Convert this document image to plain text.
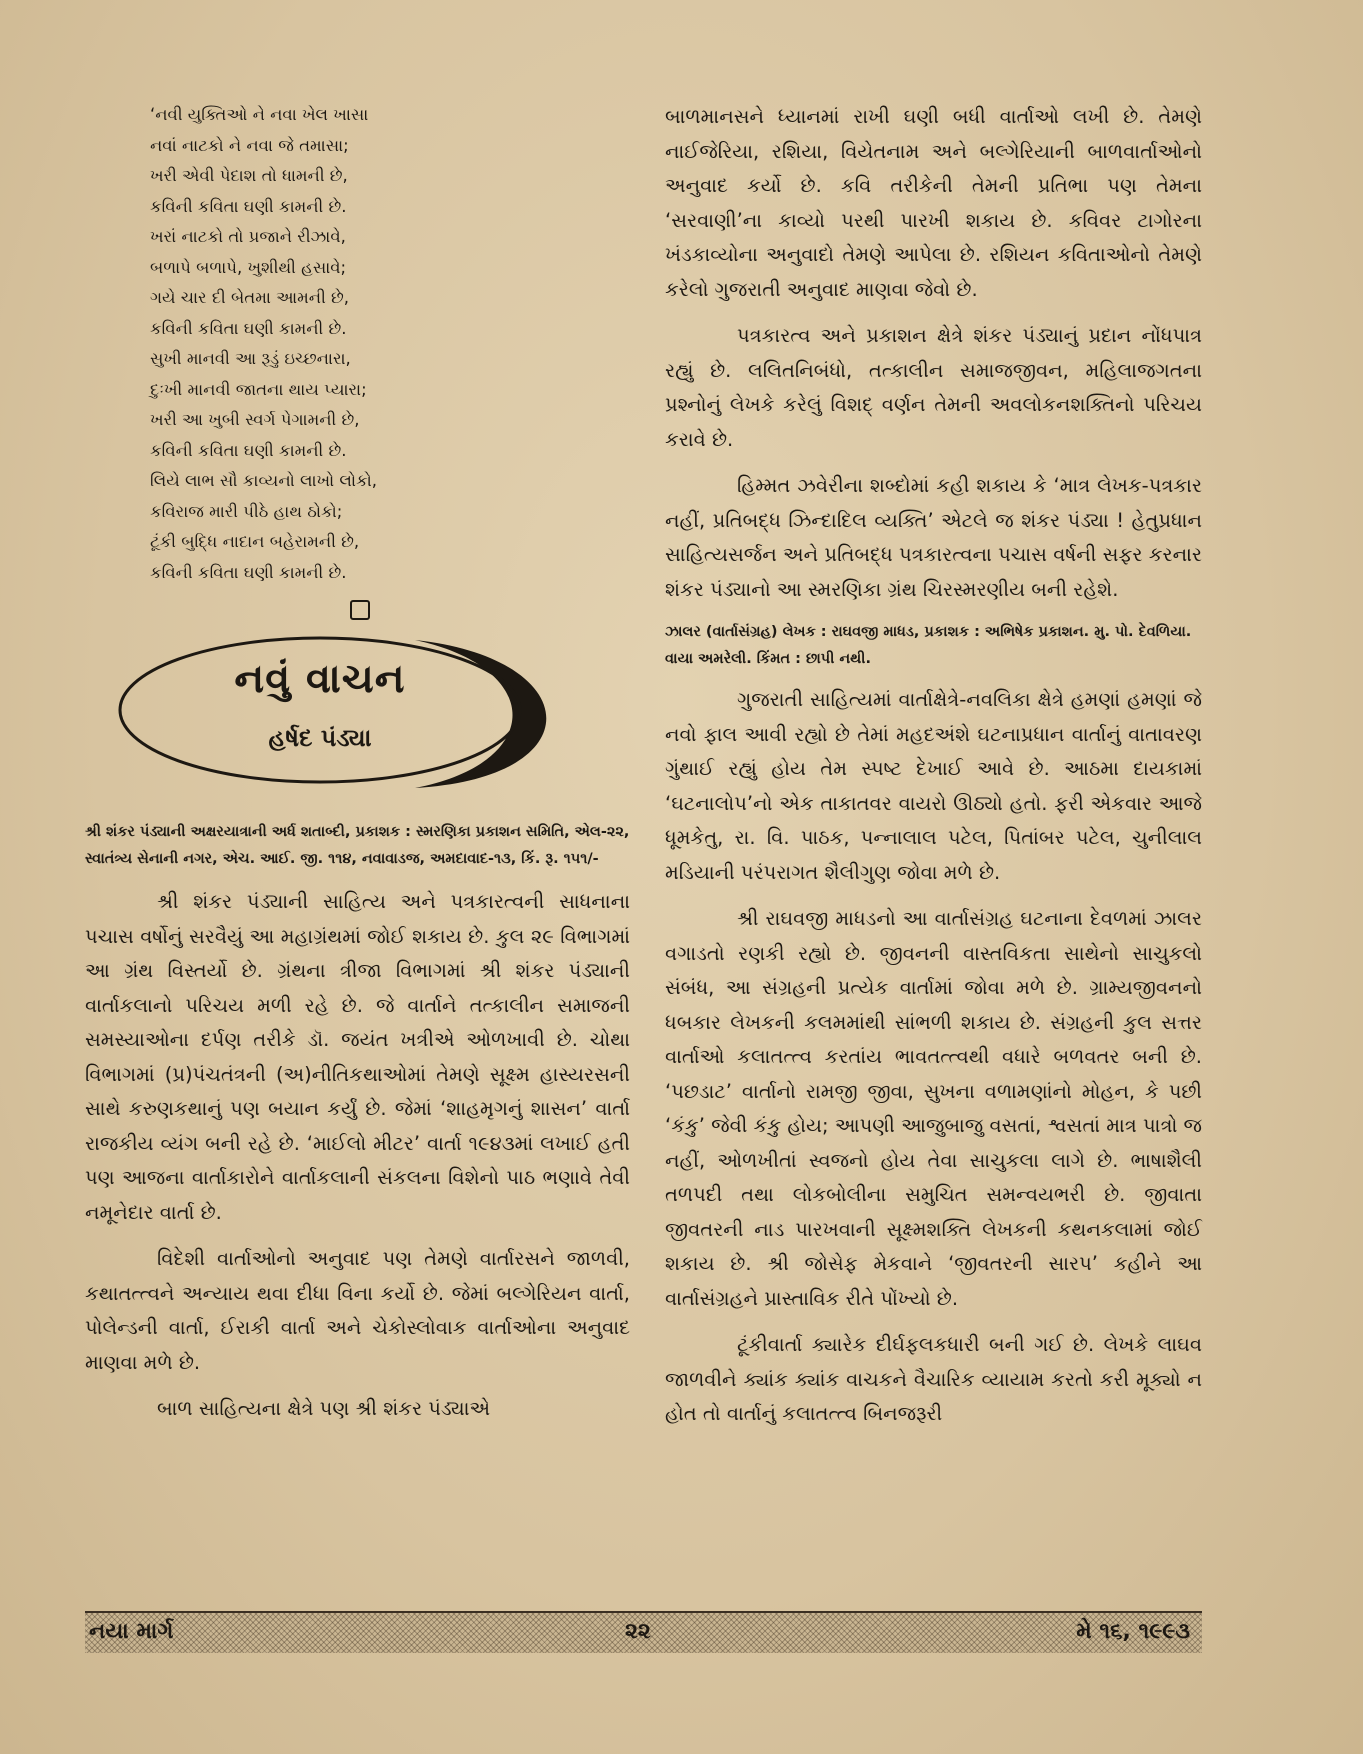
‘નવી યુક્તિઓ ને નવા ખેલ ખાસા
નવાં નાટકો ને નવા જે તમાસા;
ખરી એવી પેદાશ તો ધામની છે,
કવિની કવિતા ઘણી કામની છે.
ખરાં નાટકો તો પ્રજાને રીઝાવે,
બળાપે બળાપે, ખુશીથી હસાવે;
ગયે ચાર દી બેતમા આમની છે,
કવિની કવિતા ઘણી કામની છે.
સુખી માનવી આ રૂડું ઇચ્છનારા,
દુઃખી માનવી જાતના થાય પ્યારા;
ખરી આ ખુબી સ્વર્ગ પેગામની છે,
કવિની કવિતા ઘણી કામની છે.
લિયે લાભ સૌ કાવ્યનો લાખો લોકો,
કવિરાજ મારી પીઠે હાથ ઠોકો;
ટૂંકી બુદ્ધિ નાદાન બહેરામની છે,
કવિની કવિતા ઘણી કામની છે.
નવું વાચન
હર્ષદ પંડ્યા
શ્રી શંકર પંડ્યાની અક્ષરયાત્રાની અર્ધ શતાબ્દી, પ્રકાશક : સ્મરણિકા પ્રકાશન સમિતિ, એલ-૨૨, સ્વાતંત્ર્ય સેનાની નગર, એચ. આઈ. જી. ૧૧૪, નવાવાડજ, અમદાવાદ-૧૩, કિં. રૂ. ૧૫૧/-

શ્રી શંકર પંડ્યાની સાહિત્ય અને પત્રકારત્વની સાધનાના પચાસ વર્ષોનું સરવૈયું આ મહાગ્રંથમાં જોઈ શકાય છે. કુલ ૨૯ વિભાગમાં આ ગ્રંથ વિસ્તર્યો છે. ગ્રંથના ત્રીજા વિભાગમાં શ્રી શંકર પંડ્યાની વાર્તાકલાનો પરિચય મળી રહે છે. જે વાર્તાને તત્કાલીન સમાજની સમસ્યાઓના દર્પણ તરીકે ડૉ. જયંત ખત્રીએ ઓળખાવી છે. ચોથા વિભાગમાં (પ્ર)પંચતંત્રની (અ)નીતિકથાઓમાં તેમણે સૂક્ષ્મ હાસ્યરસની સાથે કરુણકથાનું પણ બયાન કર્યું છે. જેમાં ‘શાહમૃગનું શાસન’ વાર્તા રાજકીય વ્યંગ બની રહે છે. ‘માઈલો મીટર’ વાર્તા ૧૯૪૩માં લખાઈ હતી પણ આજના વાર્તાકારોને વાર્તાકલાની સંકલના વિશેનો પાઠ ભણાવે તેવી નમૂનેદાર વાર્તા છે.

વિદેશી વાર્તાઓનો અનુવાદ પણ તેમણે વાર્તારસને જાળવી, કથાતત્ત્વને અન્યાય થવા દીધા વિના કર્યો છે. જેમાં બલ્ગેરિયન વાર્તા, પોલેન્ડની વાર્તા, ઈરાકી વાર્તા અને ચેકોસ્લોવાક વાર્તાઓના અનુવાદ માણવા મળે છે.

બાળ સાહિત્યના ક્ષેત્રે પણ શ્રી શંકર પંડ્યાએ

બાળમાનસને ધ્યાનમાં રાખી ઘણી બધી વાર્તાઓ લખી છે. તેમણે નાઈજેરિયા, રશિયા, વિયેતનામ અને બલ્ગેરિયાની બાળવાર્તાઓનો અનુવાદ કર્યો છે. કવિ તરીકેની તેમની પ્રતિભા પણ તેમના ‘સરવાણી’ના કાવ્યો પરથી પારખી શકાય છે. કવિવર ટાગોરના ખંડકાવ્યોના અનુવાદો તેમણે આપેલા છે. રશિયન કવિતાઓનો તેમણે કરેલો ગુજરાતી અનુવાદ માણવા જેવો છે.

પત્રકારત્વ અને પ્રકાશન ક્ષેત્રે શંકર પંડ્યાનું પ્રદાન નોંધપાત્ર રહ્યું છે. લલિતનિબંધો, તત્કાલીન સમાજજીવન, મહિલાજગતના પ્રશ્નોનું લેખકે કરેલું વિશદ્ વર્ણન તેમની અવલોકનશક્તિનો પરિચય કરાવે છે.

હિમ્મત ઝવેરીના શબ્દોમાં કહી શકાય કે ‘માત્ર લેખક-પત્રકાર નહીં, પ્રતિબદ્ધ ઝિન્દાદિલ વ્યક્તિ’ એટલે જ શંકર પંડ્યા ! હેતુપ્રધાન સાહિત્યસર્જન અને પ્રતિબદ્ધ પત્રકારત્વના પચાસ વર્ષની સફર કરનાર શંકર પંડ્યાનો આ સ્મરણિકા ગ્રંથ ચિરસ્મરણીય બની રહેશે.

ઝાલર (વાર્તાસંગ્રહ) લેખક : રાઘવજી માધડ, પ્રકાશક : અભિષેક પ્રકાશન. મુ. પો. દેવળિયા. વાયા અમરેલી. કિંમત : છાપી નથી.

ગુજરાતી સાહિત્યમાં વાર્તાક્ષેત્રે-નવલિકા ક્ષેત્રે હમણાં હમણાં જે નવો ફાલ આવી રહ્યો છે તેમાં મહદઅંશે ઘટનાપ્રધાન વાર્તાનું વાતાવરણ ગુંથાઈ રહ્યું હોય તેમ સ્પષ્ટ દેખાઈ આવે છે. આઠમા દાયકામાં ‘ઘટનાલોપ’નો એક તાકાતવર વાયરો ઊઠ્યો હતો. ફરી એકવાર આજે ધૂમકેતુ, રા. વિ. પાઠક, પન્નાલાલ પટેલ, પિતાંબર પટેલ, ચુનીલાલ મડિયાની પરંપરાગત શૈલીગુણ જોવા મળે છે.

શ્રી રાઘવજી માધડનો આ વાર્તાસંગ્રહ ઘટનાના દેવળમાં ઝાલર વગાડતો રણકી રહ્યો છે. જીવનની વાસ્તવિકતા સાથેનો સાચુકલો સંબંધ, આ સંગ્રહની પ્રત્યેક વાર્તામાં જોવા મળે છે. ગ્રામ્યજીવનનો ધબકાર લેખકની કલમમાંથી સાંભળી શકાય છે. સંગ્રહની કુલ સત્તર વાર્તાઓ કલાતત્ત્વ કરતાંય ભાવતત્ત્વથી વધારે બળવતર બની છે. ‘પછડાટ’ વાર્તાનો રામજી જીવા, સુખના વળામણાંનો મોહન, કે પછી ‘કંકુ’ જેવી કંકુ હોય; આપણી આજુબાજુ વસતાં, શ્વસતાં માત્ર પાત્રો જ નહીં, ઓળખીતાં સ્વજનો હોય તેવા સાચુકલા લાગે છે. ભાષાશૈલી તળપદી તથા લોકબોલીના સમુચિત સમન્વયભરી છે. જીવાતા જીવતરની નાડ પારખવાની સૂક્ષ્મશક્તિ લેખકની કથનકલામાં જોઈ શકાય છે. શ્રી જોસેફ મેકવાને ‘જીવતરની સારપ’ કહીને આ વાર્તાસંગ્રહને પ્રાસ્તાવિક રીતે પોંખ્યો છે.

ટૂંકીવાર્તા ક્યારેક દીર્ઘફલકધારી બની ગઈ છે. લેખકે લાઘવ જાળવીને ક્યાંક ક્યાંક વાચકને વૈચારિક વ્યાયામ કરતો કરી મૂક્યો ન હોત તો વાર્તાનું કલાતત્ત્વ બિનજરૂરી

નયા માર્ગ	૨૨	મે ૧૬, ૧૯૯૩
